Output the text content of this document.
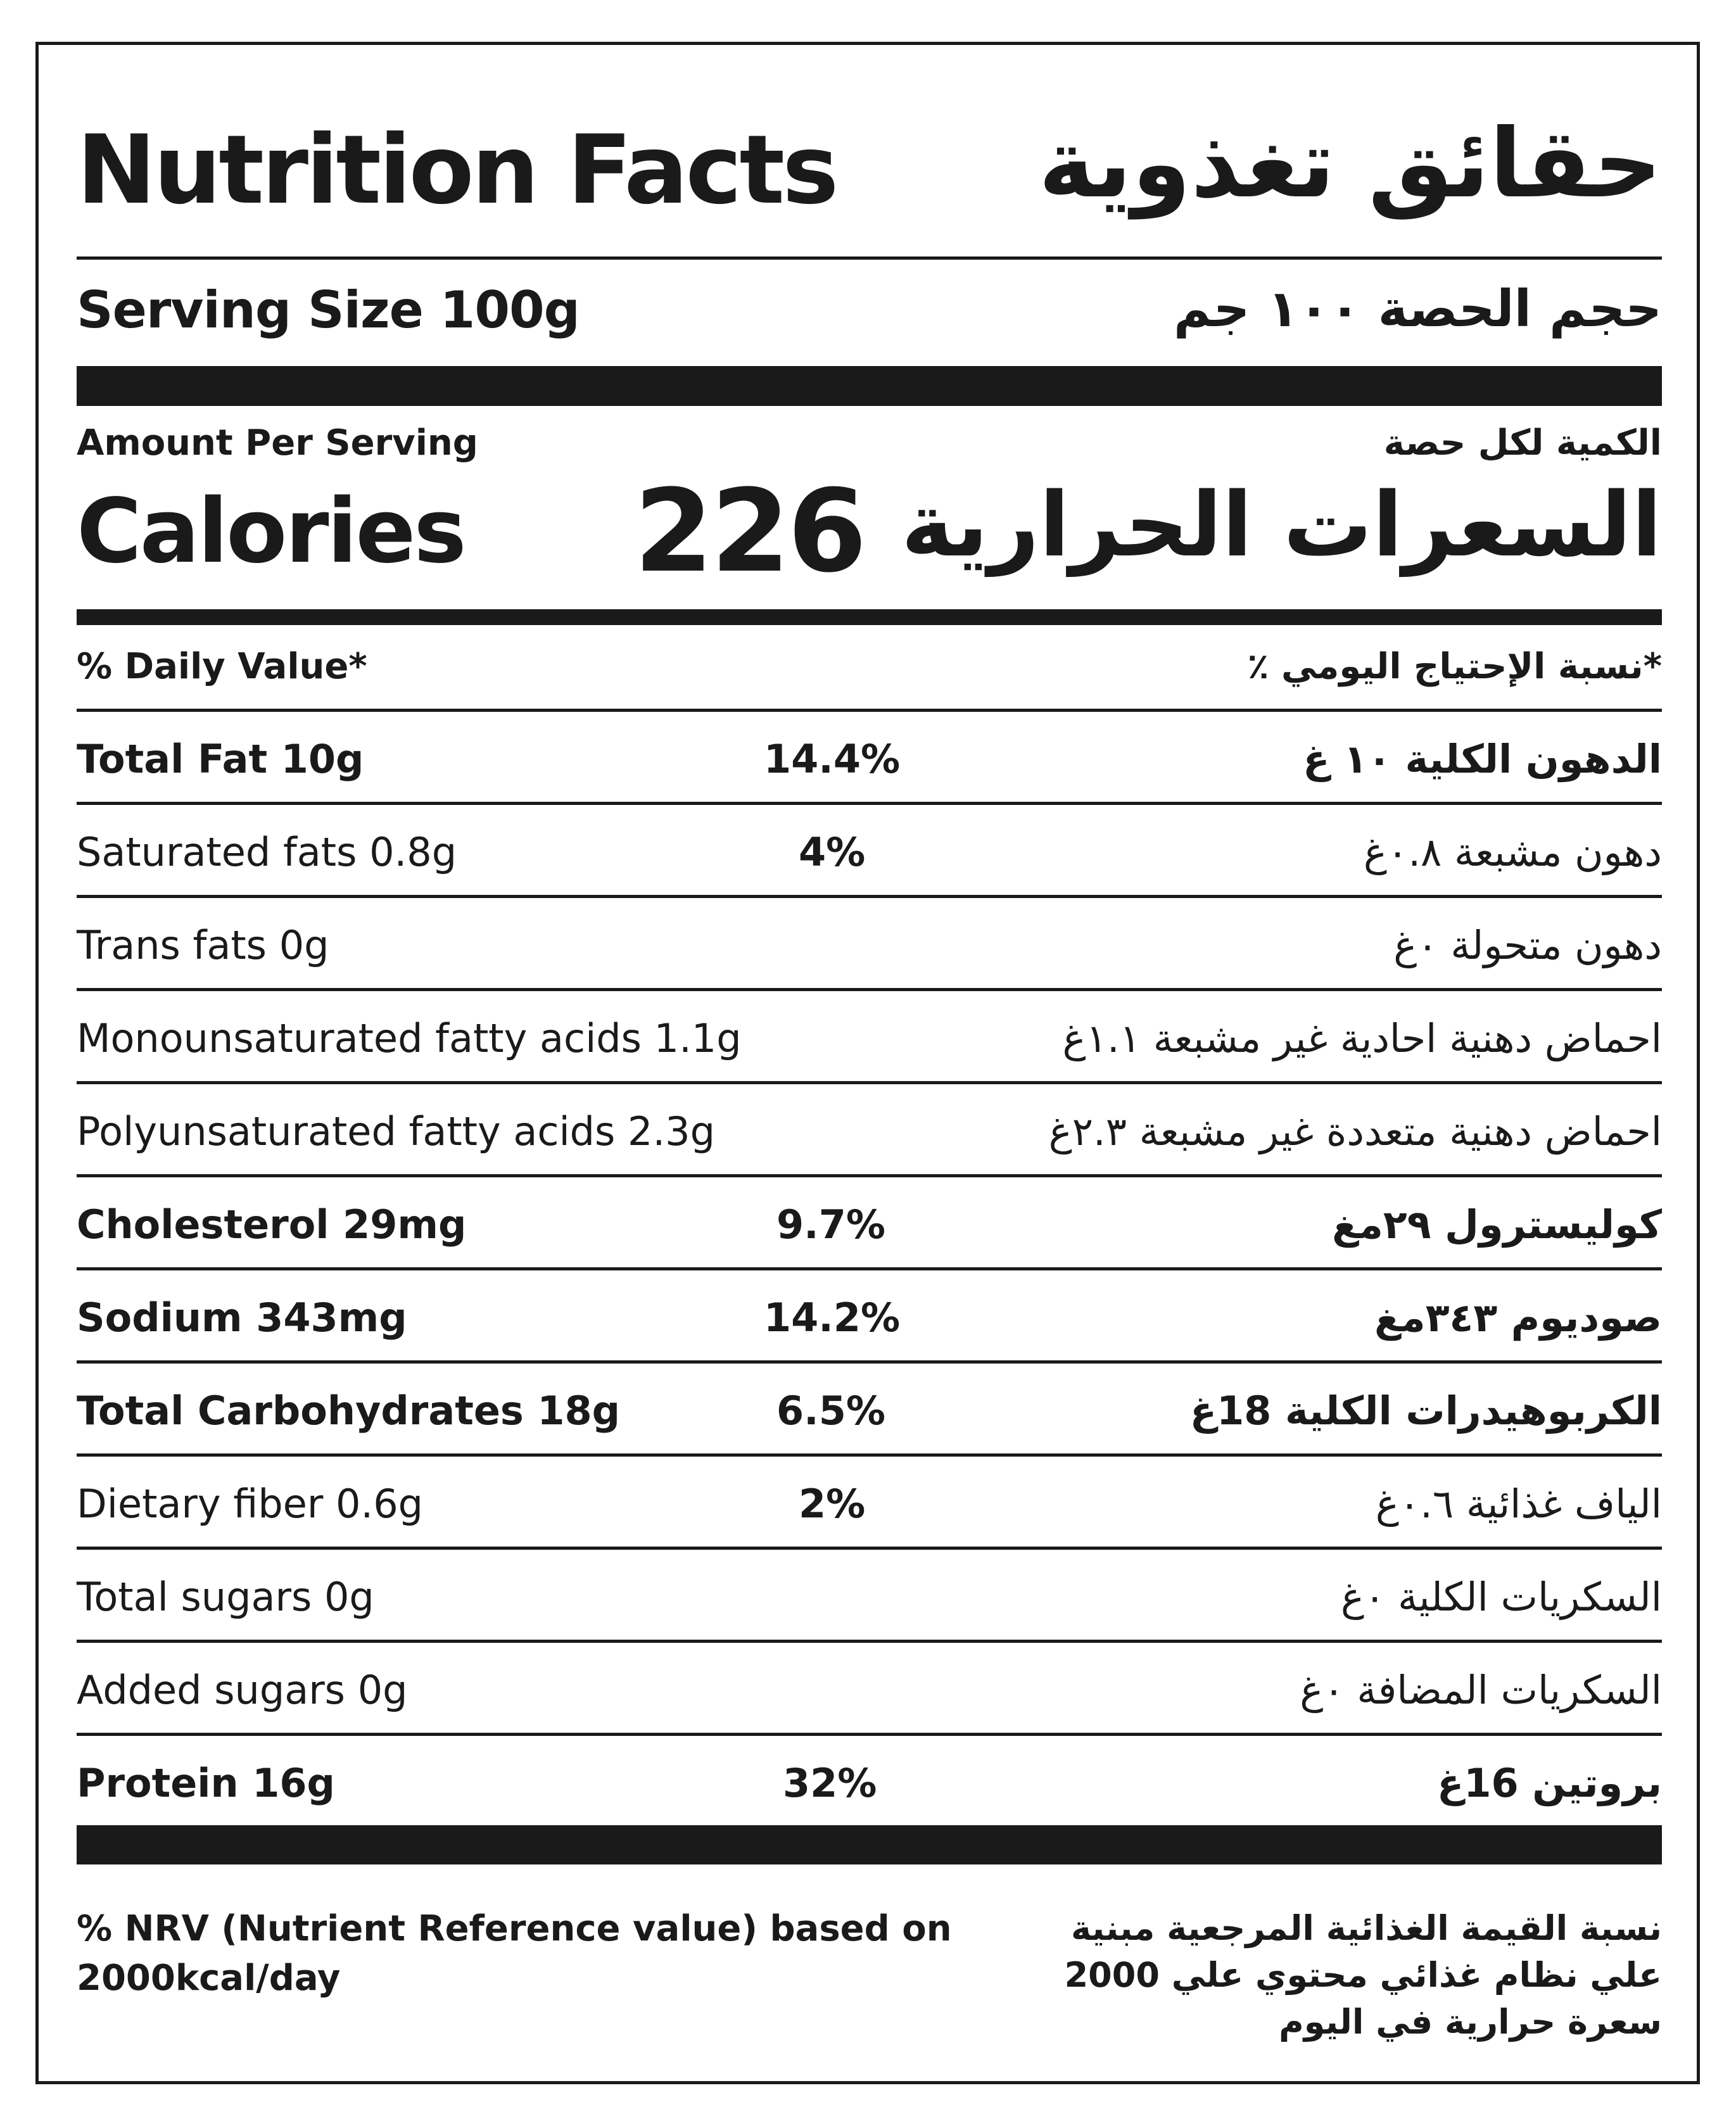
Nutrition Facts حقائق تغذوية
Serving Size 100g	حجم الحصة ١٠٠ جم
Amount Per Serving	الكمية لكل حصة
Calories 226 السعرات الحرارية
% Daily Value*	*نسبة الإحتياج اليومي ٪
Total Fat 10g	14.4%	الدهون الكلية ١٠ غ
Saturated fats 0.8g	4%	دهون مشبعة ٠.٨غ
Trans fats 0g	دهون متحولة ٠غ
Monounsaturated fatty acids 1.1g	احماض دهنية احادية غير مشبعة ١.١غ
Polyunsaturated fatty acids 2.3g	احماض دهنية متعددة غير مشبعة ٢.٣غ
Cholesterol 29mg	9.7%	كوليسترول ٢٩مغ
Sodium 343mg	14.2%	صوديوم ٣٤٣مغ
Total Carbohydrates 18g	6.5%	الكربوهيدرات الكلية 18غ
Dietary fiber 0.6g	2%	الياف غذائية ٠.٦غ
Total sugars 0g	السكريات الكلية ٠غ
Added sugars 0g	السكريات المضافة ٠غ
Protein 16g	32%	بروتين 16غ
% NRV (Nutrient Reference value) based on
2000kcal/day
نسبة القيمة الغذائية المرجعية مبنية
علي نظام غذائي محتوي علي 2000
سعرة حرارية في اليوم
